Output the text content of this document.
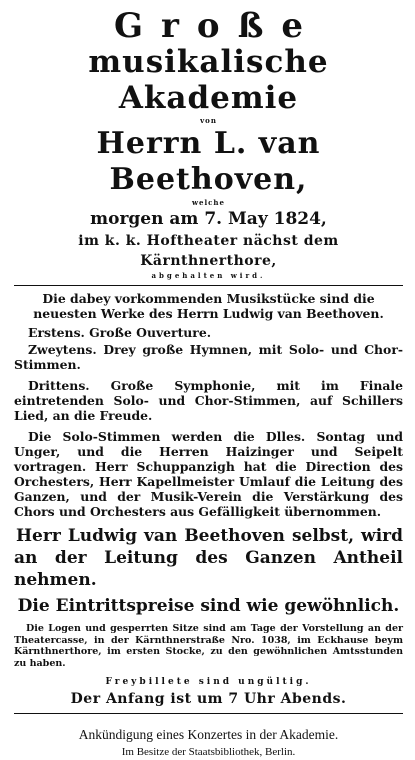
Große

musikalische Akademie

von

Herrn L. van Beethoven,

welche

morgen am 7. May 1824,

im k. k. Hoftheater nächst dem Kärnthnerthore,

abgehalten wird.

Die dabey vorkommenden Musikstücke sind die neuesten Werke des Herrn Ludwig van Beethoven.

Erstens. Große Ouverture.

Zweytens. Drey große Hymnen, mit Solo- und Chor-Stimmen.

Drittens. Große Symphonie, mit im Finale eintretenden Solo- und Chor-Stimmen, auf Schillers Lied, an die Freude.

Die Solo-Stimmen werden die Dlles. Sontag und Unger, und die Herren Haizinger und Seipelt vortragen. Herr Schuppanzigh hat die Direction des Orchesters, Herr Kapellmeister Umlauf die Leitung des Ganzen, und der Musik-Verein die Verstärkung des Chors und Orchesters aus Gefälligkeit übernommen.

Herr Ludwig van Beethoven selbst, wird an der Leitung des Ganzen Antheil nehmen.

Die Eintrittspreise sind wie gewöhnlich.

Die Logen und gesperrten Sitze sind am Tage der Vorstellung an der Theatercasse, in der Kärnthnerstraße Nro. 1038, im Eckhause beym Kärnthnerthore, im ersten Stocke, zu den gewöhnlichen Amtsstunden zu haben.

Freybillete sind ungültig.

Der Anfang ist um 7 Uhr Abends.

Ankündigung eines Konzertes in der Akademie.

Im Besitze der Staatsbibliothek, Berlin.
